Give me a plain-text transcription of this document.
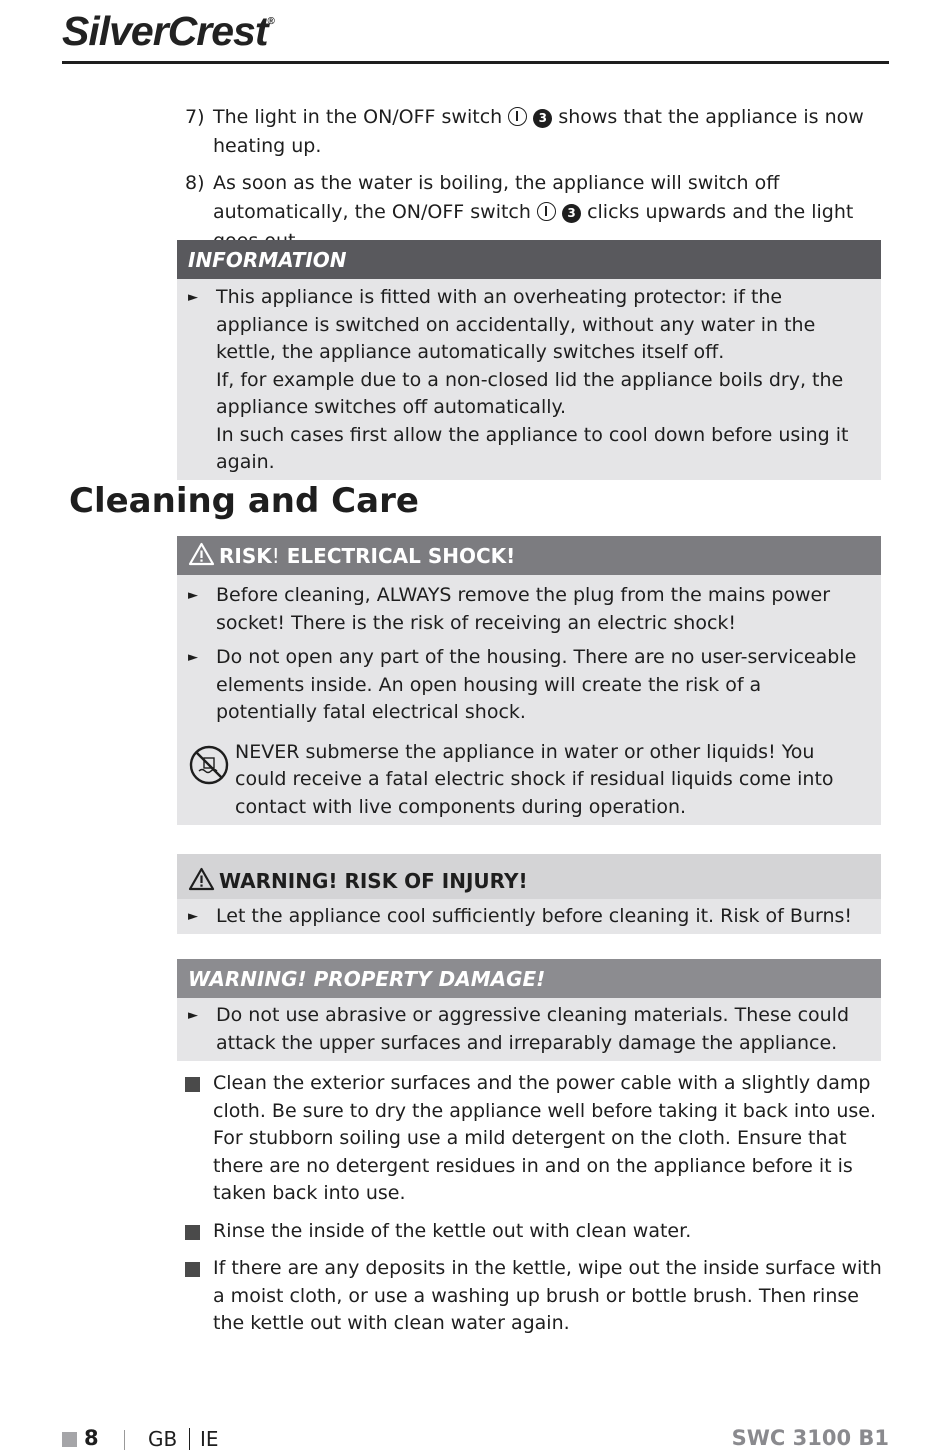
SilverCrest®
7) The light in the ON/OFF switch	3 shows that the appliance is now heating up.
8) As soon as the water is boiling, the appliance will switch off automatically, the ON/OFF switch	3 clicks upwards and the light
INFORMATION
► This appliance is fitted with an overheating protector: if the appliance is switched on accidentally, without any water in the kettle, the appliance automatically switches itself off.
If, for example due to a non-closed lid the appliance boils dry, the appliance switches off automatically.
In such cases first allow the appliance to cool down before using it again.
Cleaning and Care
RISK! ELECTRICAL SHOCK!
► Before cleaning, ALWAYS remove the plug from the mains power socket! There is the risk of receiving an electric shock!
► Do not open any part of the housing. There are no user-serviceable elements inside. An open housing will create the risk of a potentially fatal electrical shock.
NEVER submerse the appliance in water or other liquids! You could receive a fatal electric shock if residual liquids come into contact with live components during operation.
WARNING! RISK OF INJURY!
► Let the appliance cool sufficiently before cleaning it. Risk of Burns!
WARNING! PROPERTY DAMAGE!
► Do not use abrasive or aggressive cleaning materials. These could attack the upper surfaces and irreparably damage the appliance.
Clean the exterior surfaces and the power cable with a slightly damp cloth. Be sure to dry the appliance well before taking it back into use. For stubborn soiling use a mild detergent on the cloth. Ensure that there are no detergent residues in and on the appliance before it is taken back into use.
Rinse the inside of the kettle out with clean water.
If there are any deposits in the kettle, wipe out the inside surface with a moist cloth, or use a washing up brush or bottle brush. Then rinse the kettle out with clean water again.
8 GB IE	SWC 3100 B1
